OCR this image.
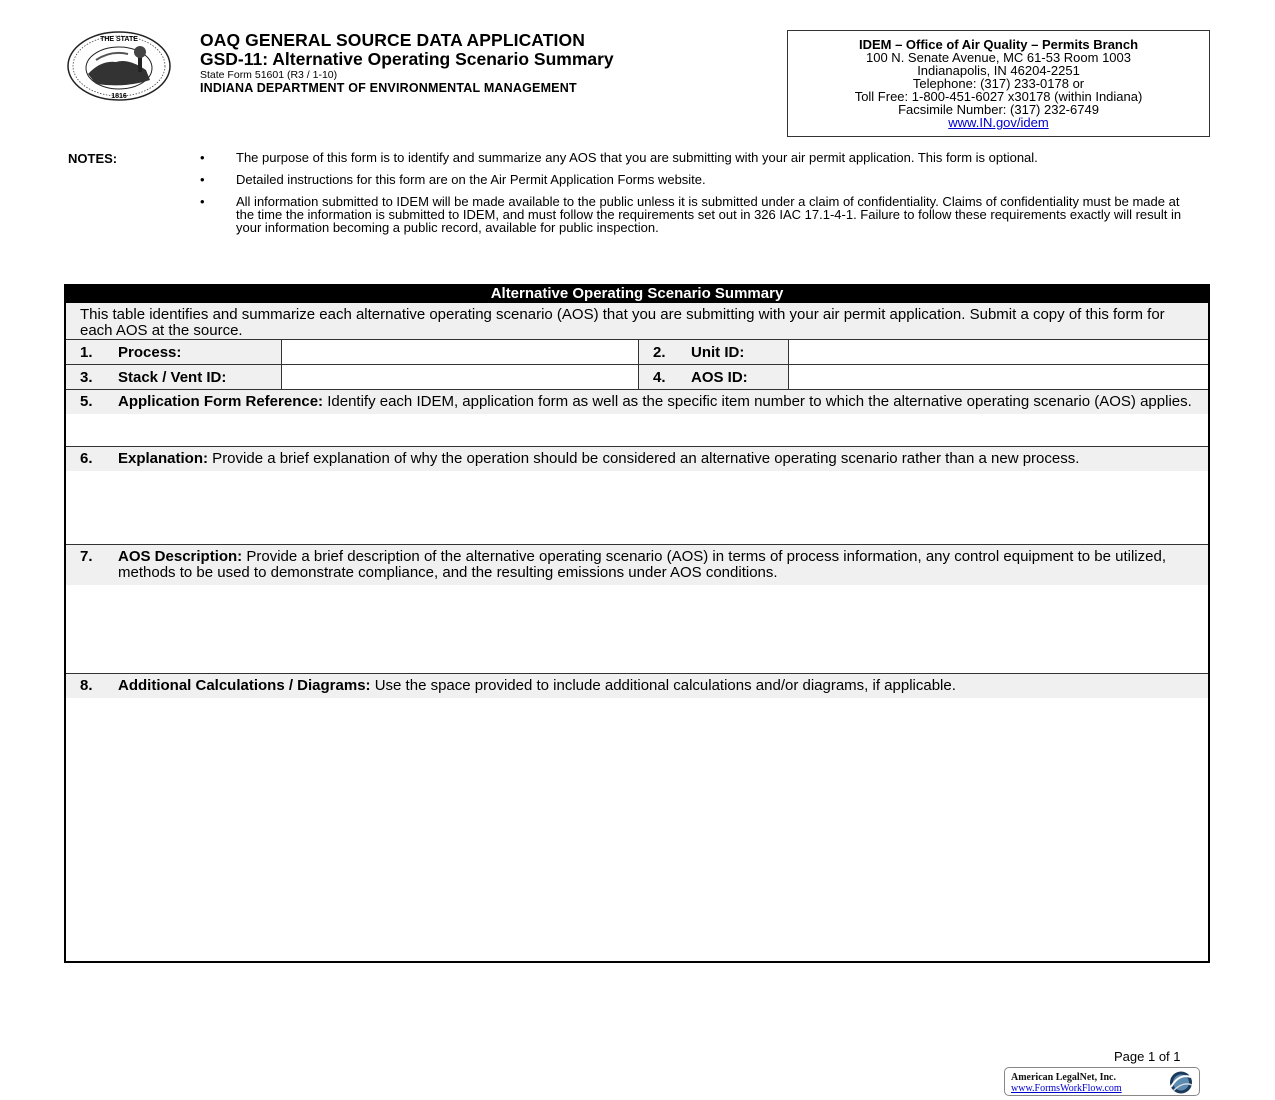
THE STATE
1816
OAQ GENERAL SOURCE DATA APPLICATION
GSD-11: Alternative Operating Scenario Summary
State Form 51601 (R3 / 1-10)
INDIANA DEPARTMENT OF ENVIRONMENTAL MANAGEMENT
IDEM – Office of Air Quality – Permits Branch
100 N. Senate Avenue, MC 61-53 Room 1003
Indianapolis, IN 46204-2251
Telephone: (317) 233-0178 or
Toll Free: 1-800-451-6027 x30178 (within Indiana)
Facsimile Number: (317) 232-6749
www.IN.gov/idem
NOTES:	• The purpose of this form is to identify and summarize any AOS that you are submitting with your air permit application. This form is optional.
• Detailed instructions for this form are on the Air Permit Application Forms website.
• All information submitted to IDEM will be made available to the public unless it is submitted under a claim of confidentiality. Claims of confidentiality must be made at the time the information is submitted to IDEM, and must follow the requirements set out in 326 IAC 17.1-4-1. Failure to follow these requirements exactly will result in your information becoming a public record, available for public inspection.
Alternative Operating Scenario Summary
This table identifies and summarize each alternative operating scenario (AOS) that you are submitting with your air permit application. Submit a copy of this form for each AOS at the source.
1.	Process:	2.	Unit ID:
3.	Stack / Vent ID:	4.	AOS ID:
5.	Application Form Reference: Identify each IDEM, application form as well as the specific item number to which the alternative operating scenario (AOS) applies.
6.	Explanation: Provide a brief explanation of why the operation should be considered an alternative operating scenario rather than a new process.
7.	AOS Description: Provide a brief description of the alternative operating scenario (AOS) in terms of process information, any control equipment to be utilized, methods to be used to demonstrate compliance, and the resulting emissions under AOS conditions.
8.	Additional Calculations / Diagrams: Use the space provided to include additional calculations and/or diagrams, if applicable.
Page 1 of 1
American LegalNet, Inc.
www.FormsWorkFlow.com
